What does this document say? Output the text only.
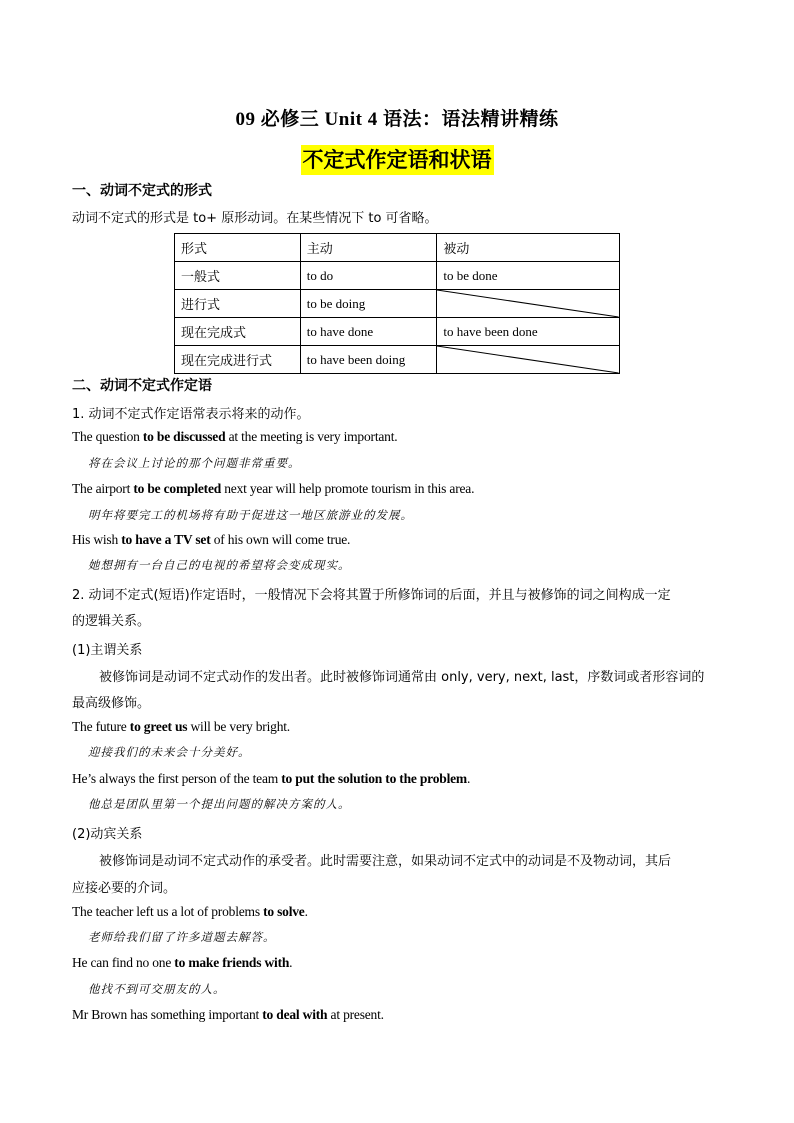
09 必修三 Unit 4 语法：语法精讲精练
不定式作定语和状语
一、动词不定式的形式
动词不定式的形式是 to+ 原形动词。在某些情况下 to 可省略。
形式	主动	被动
一般式	to do	to be done
进行式	to be doing	

现在完成式	to have done	to have been done
现在完成进行式	to have been doing	
二、动词不定式作定语
1. 动词不定式作定语常表示将来的动作。
The question to be discussed at the meeting is very important.
将在会议上讨论的那个问题非常重要。
The airport to be completed next year will help promote tourism in this area.
明年将要完工的机场将有助于促进这一地区旅游业的发展。
His wish to have a TV set of his own will come true.
她想拥有一台自己的电视的希望将会变成现实。
2. 动词不定式(短语)作定语时，一般情况下会将其置于所修饰词的后面，并且与被修饰的词之间构成一定
的逻辑关系。
(1)主谓关系
被修饰词是动词不定式动作的发出者。此时被修饰词通常由 only, very, next, last，序数词或者形容词的
最高级修饰。
The future to greet us will be very bright.
迎接我们的未来会十分美好。
He’s always the first person of the team to put the solution to the problem.
他总是团队里第一个提出问题的解决方案的人。
(2)动宾关系
被修饰词是动词不定式动作的承受者。此时需要注意，如果动词不定式中的动词是不及物动词，其后
应接必要的介词。
The teacher left us a lot of problems to solve.
老师给我们留了许多道题去解答。
He can find no one to make friends with.
他找不到可交朋友的人。
Mr Brown has something important to deal with at present.
